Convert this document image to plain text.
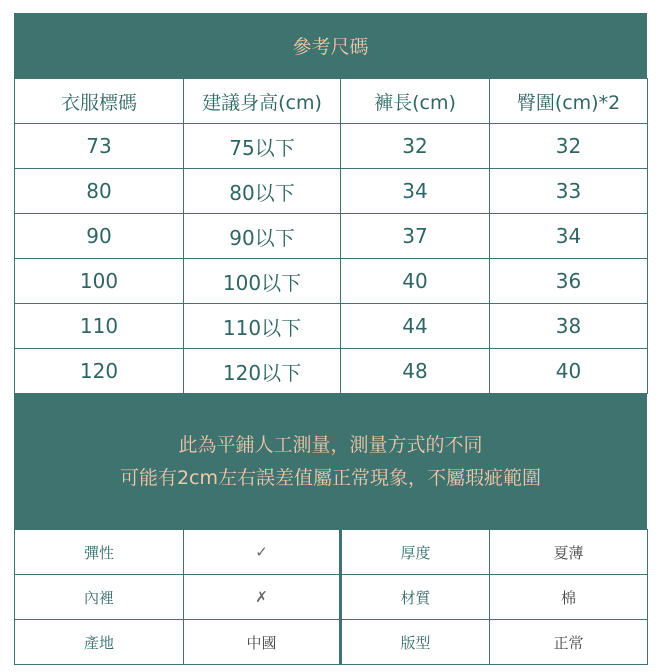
參考尺碼
衣服標碼	建議身高(cm)	褲長(cm)	臀圍(cm)*2
73	75以下	32	32
80	80以下	34	33
90	90以下	37	34
100	100以下	40	36
110	110以下	44	38
120	120以下	48	40
此為平鋪人工測量，測量方式的不同
可能有2cm左右誤差值屬正常現象，不屬瑕疵範圍
彈性	✓	厚度	夏薄
內裡	✗	材質	棉
產地	中國	版型	正常
